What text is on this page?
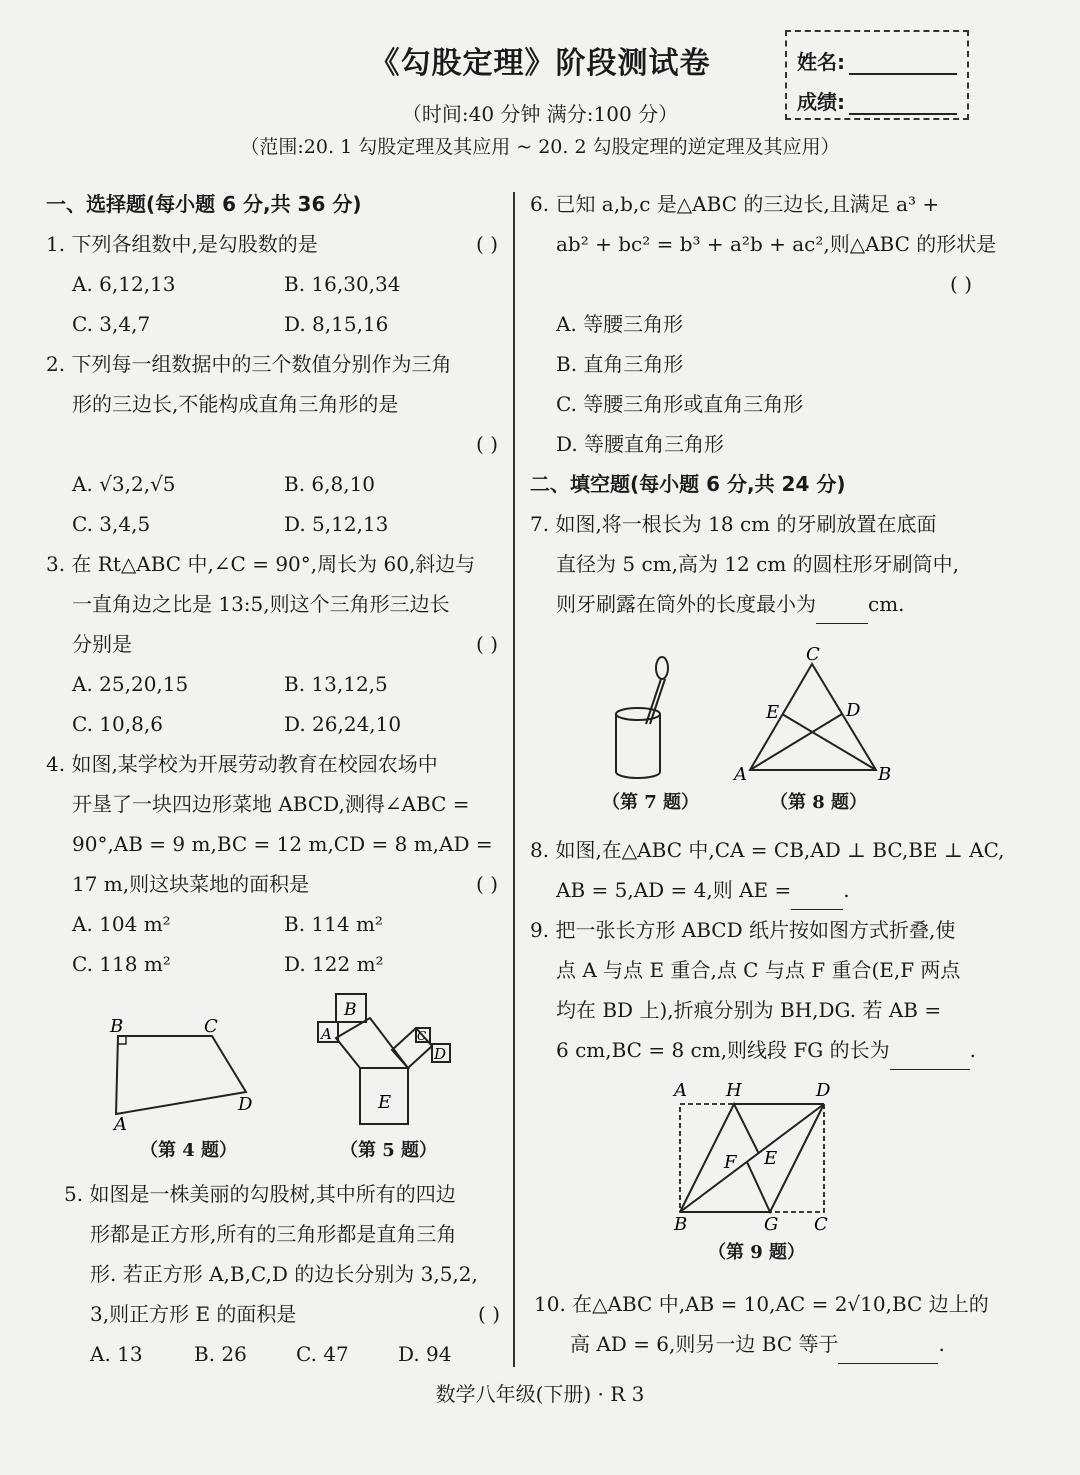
《勾股定理》阶段测试卷
（时间:40 分钟 满分:100 分）
（范围:20. 1 勾股定理及其应用 ~ 20. 2 勾股定理的逆定理及其应用）
姓名:
成绩:

一、选择题(每小题 6 分,共 36 分)

1. 下列各组数中,是勾股数的是	( )

A. 6,12,13	B. 16,30,34

C. 3,4,7	D. 8,15,16

2. 下列每一组数据中的三个数值分别作为三角

形的三边长,不能构成直角三角形的是

( )

A. √3,2,√5	B. 6,8,10

C. 3,4,5	D. 5,12,13

3. 在 Rt△ABC 中,∠C = 90°,周长为 60,斜边与

一直角边之比是 13:5,则这个三角形三边长

分别是	( )

A. 25,20,15	B. 13,12,5

C. 10,8,6	D. 26,24,10

4. 如图,某学校为开展劳动教育在校园农场中

开垦了一块四边形菜地 ABCD,测得∠ABC =

90°,AB = 9 m,BC = 12 m,CD = 8 m,AD =

17 m,则这块菜地的面积是	( )

A. 104 m²	B. 114 m²

C. 118 m²	D. 122 m²

B	C
A
D
（第 4 题）
B
A	C
D
E
（第 5 题）

5. 如图是一株美丽的勾股树,其中所有的四边

形都是正方形,所有的三角形都是直角三角

形. 若正方形 A,B,C,D 的边长分别为 3,5,2,

3,则正方形 E 的面积是	( )

A. 13	B. 26 C. 47 D. 94

6. 已知 a,b,c 是△ABC 的三边长,且满足 a³ +

ab² + bc² = b³ + a²b + ac²,则△ABC 的形状是

( )

A. 等腰三角形

B. 直角三角形

C. 等腰三角形或直角三角形

D. 等腰直角三角形

二、填空题(每小题 6 分,共 24 分)

7. 如图,将一根长为 18 cm 的牙刷放置在底面

直径为 5 cm,高为 12 cm 的圆柱形牙刷筒中,

则牙刷露在筒外的长度最小为	cm.

（第 7 题）
C
E	D
A	B
（第 8 题）

8. 如图,在△ABC 中,CA = CB,AD ⊥ BC,BE ⊥ AC,

AB = 5,AD = 4,则 AE =	.

9. 把一张长方形 ABCD 纸片按如图方式折叠,使

点 A 与点 E 重合,点 C 与点 F 重合(E,F 两点

均在 BD 上),折痕分别为 BH,DG. 若 AB =

6 cm,BC = 8 cm,则线段 FG 的长为	.

A H	D
F E
B	G C
（第 9 题）

10. 在△ABC 中,AB = 10,AC = 2√10,BC 边上的

高 AD = 6,则另一边 BC 等于	.

数学八年级(下册) · R 3
